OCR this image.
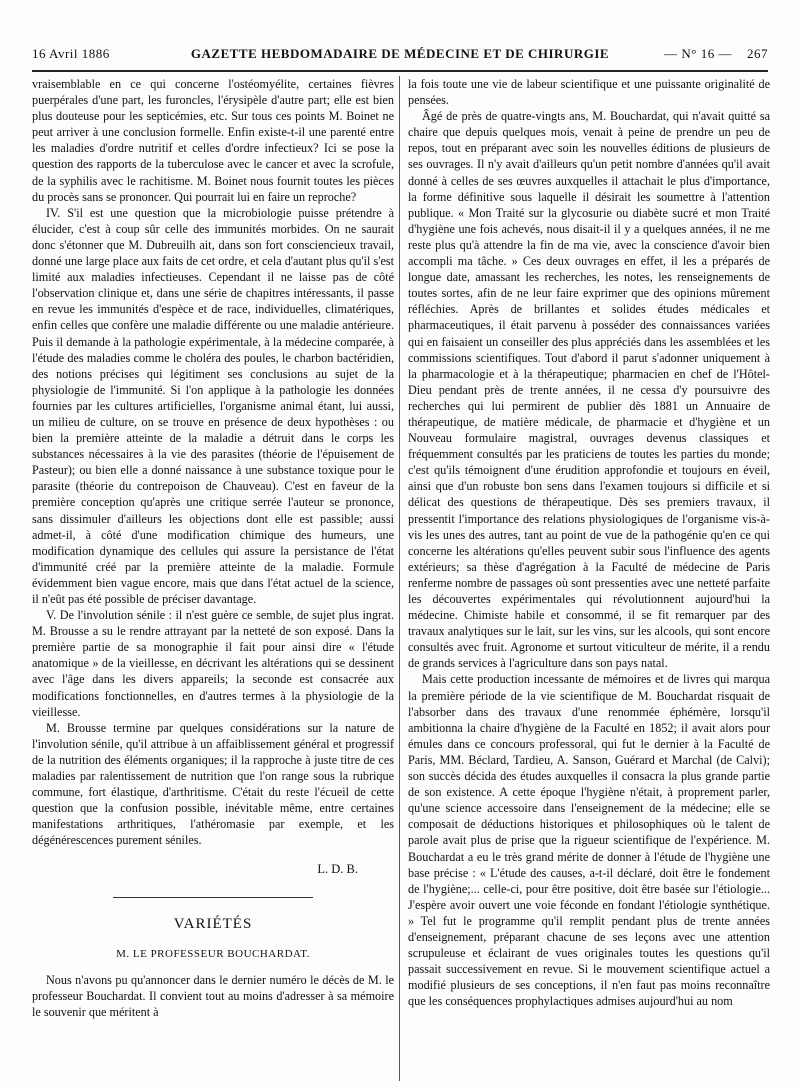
16 Avril 1886	GAZETTE HEBDOMADAIRE DE MÉDECINE ET DE CHIRURGIE	— N° 16 — 267

vraisemblable en ce qui concerne l'ostéomyélite, certaines fièvres puerpérales d'une part, les furoncles, l'érysipèle d'autre part; elle est bien plus douteuse pour les septicémies, etc. Sur tous ces points M. Boinet ne peut arriver à une conclusion formelle. Enfin existe-t-il une parenté entre les maladies d'ordre nutritif et celles d'ordre infectieux? Ici se pose la question des rapports de la tuberculose avec le cancer et avec la scrofule, de la syphilis avec le rachitisme. M. Boinet nous fournit toutes les pièces du procès sans se prononcer. Qui pourrait lui en faire un reproche?

IV. S'il est une question que la microbiologie puisse prétendre à élucider, c'est à coup sûr celle des immunités morbides. On ne saurait donc s'étonner que M. Dubreuilh ait, dans son fort consciencieux travail, donné une large place aux faits de cet ordre, et cela d'autant plus qu'il s'est limité aux maladies infectieuses. Cependant il ne laisse pas de côté l'observation clinique et, dans une série de chapitres intéressants, il passe en revue les immunités d'espèce et de race, individuelles, climatériques, enfin celles que confère une maladie différente ou une maladie antérieure. Puis il demande à la pathologie expérimentale, à la médecine comparée, à l'étude des maladies comme le choléra des poules, le charbon bactéridien, des notions précises qui légitiment ses conclusions au sujet de la physiologie de l'immunité. Si l'on applique à la pathologie les données fournies par les cultures artificielles, l'organisme animal étant, lui aussi, un milieu de culture, on se trouve en présence de deux hypothèses : ou bien la première atteinte de la maladie a détruit dans le corps les substances nécessaires à la vie des parasites (théorie de l'épuisement de Pasteur); ou bien elle a donné naissance à une substance toxique pour le parasite (théorie du contrepoison de Chauveau). C'est en faveur de la première conception qu'après une critique serrée l'auteur se prononce, sans dissimuler d'ailleurs les objections dont elle est passible; aussi admet-il, à côté d'une modification chimique des humeurs, une modification dynamique des cellules qui assure la persistance de l'état d'immunité créé par la première atteinte de la maladie. Formule évidemment bien vague encore, mais que dans l'état actuel de la science, il n'eût pas été possible de préciser davantage.

V. De l'involution sénile : il n'est guère ce semble, de sujet plus ingrat. M. Brousse a su le rendre attrayant par la netteté de son exposé. Dans la première partie de sa monographie il fait pour ainsi dire « l'étude anatomique » de la vieillesse, en décrivant les altérations qui se dessinent avec l'âge dans les divers appareils; la seconde est consacrée aux modifications fonctionnelles, en d'autres termes à la physiologie de la vieillesse.

M. Brousse termine par quelques considérations sur la nature de l'involution sénile, qu'il attribue à un affaiblissement général et progressif de la nutrition des éléments organiques; il la rapproche à juste titre de ces maladies par ralentissement de nutrition que l'on range sous la rubrique commune, fort élastique, d'arthritisme. C'était du reste l'écueil de cette question que la confusion possible, inévitable même, entre certaines manifestations arthritiques, l'athéromasie par exemple, et les dégénérescences purement séniles.

L. D. B.
VARIÉTÉS
M. LE PROFESSEUR BOUCHARDAT.

Nous n'avons pu qu'annoncer dans le dernier numéro le décès de M. le professeur Bouchardat. Il convient tout au moins d'adresser à sa mémoire le souvenir que méritent à

la fois toute une vie de labeur scientifique et une puissante originalité de pensées.

Âgé de près de quatre-vingts ans, M. Bouchardat, qui n'avait quitté sa chaire que depuis quelques mois, venait à peine de prendre un peu de repos, tout en préparant avec soin les nouvelles éditions de plusieurs de ses ouvrages. Il n'y avait d'ailleurs qu'un petit nombre d'années qu'il avait donné à celles de ses œuvres auxquelles il attachait le plus d'importance, la forme définitive sous laquelle il désirait les soumettre à l'attention publique. « Mon Traité sur la glycosurie ou diabète sucré et mon Traité d'hygiène une fois achevés, nous disait-il il y a quelques années, il ne me reste plus qu'à attendre la fin de ma vie, avec la conscience d'avoir bien accompli ma tâche. » Ces deux ouvrages en effet, il les a préparés de longue date, amassant les recherches, les notes, les renseignements de toutes sortes, afin de ne leur faire exprimer que des opinions mûrement réfléchies. Après de brillantes et solides études médicales et pharmaceutiques, il était parvenu à posséder des connaissances variées qui en faisaient un conseiller des plus appréciés dans les assemblées et les commissions scientifiques. Tout d'abord il parut s'adonner uniquement à la pharmacologie et à la thérapeutique; pharmacien en chef de l'Hôtel-Dieu pendant près de trente années, il ne cessa d'y poursuivre des recherches qui lui permirent de publier dès 1881 un Annuaire de thérapeutique, de matière médicale, de pharmacie et d'hygiène et un Nouveau formulaire magistral, ouvrages devenus classiques et fréquemment consultés par les praticiens de toutes les parties du monde; c'est qu'ils témoignent d'une érudition approfondie et toujours en éveil, ainsi que d'un robuste bon sens dans l'examen toujours si difficile et si délicat des questions de thérapeutique. Dès ses premiers travaux, il pressentit l'importance des relations physiologiques de l'organisme vis-à-vis les unes des autres, tant au point de vue de la pathogénie qu'en ce qui concerne les altérations qu'elles peuvent subir sous l'influence des agents extérieurs; sa thèse d'agrégation à la Faculté de médecine de Paris renferme nombre de passages où sont pressenties avec une netteté parfaite les découvertes expérimentales qui révolutionnent aujourd'hui la médecine. Chimiste habile et consommé, il se fit remarquer par des travaux analytiques sur le lait, sur les vins, sur les alcools, qui sont encore consultés avec fruit. Agronome et surtout viticulteur de mérite, il a rendu de grands services à l'agriculture dans son pays natal.

Mais cette production incessante de mémoires et de livres qui marqua la première période de la vie scientifique de M. Bouchardat risquait de l'absorber dans des travaux d'une renommée éphémère, lorsqu'il ambitionna la chaire d'hygiène de la Faculté en 1852; il avait alors pour émules dans ce concours professoral, qui fut le dernier à la Faculté de Paris, MM. Béclard, Tardieu, A. Sanson, Guérard et Marchal (de Calvi); son succès décida des études auxquelles il consacra la plus grande partie de son existence. A cette époque l'hygiène n'était, à proprement parler, qu'une science accessoire dans l'enseignement de la médecine; elle se composait de déductions historiques et philosophiques où le talent de parole avait plus de prise que la rigueur scientifique de l'expérience. M. Bouchardat a eu le très grand mérite de donner à l'étude de l'hygiène une base précise : « L'étude des causes, a-t-il déclaré, doit être le fondement de l'hygiène;... celle-ci, pour être positive, doit être basée sur l'étiologie... J'espère avoir ouvert une voie féconde en fondant l'étiologie synthétique. » Tel fut le programme qu'il remplit pendant plus de trente années d'enseignement, préparant chacune de ses leçons avec une attention scrupuleuse et éclairant de vues originales toutes les questions qu'il passait successivement en revue. Si le mouvement scientifique actuel a modifié plusieurs de ses conceptions, il n'en faut pas moins reconnaître que les conséquences prophylactiques admises aujourd'hui au nom
